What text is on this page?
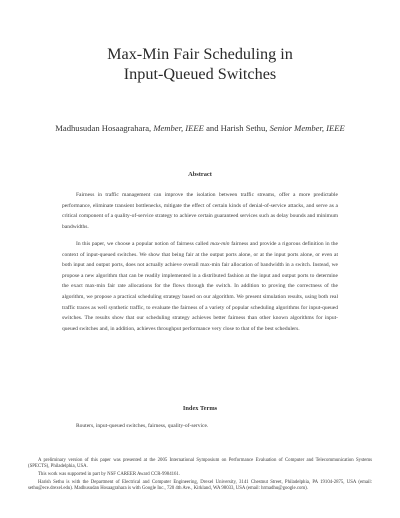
Max-Min Fair Scheduling in
Input-Queued Switches
Madhusudan Hosaagrahara, Member, IEEE and Harish Sethu, Senior Member, IEEE
Abstract

Fairness in traffic management can improve the isolation between traffic streams, offer a more predictable performance, eliminate transient bottlenecks, mitigate the effect of certain kinds of denial-of-service attacks, and serve as a critical component of a quality-of-service strategy to achieve certain guaranteed services such as delay bounds and minimum bandwidths.

In this paper, we choose a popular notion of fairness called max-min fairness and provide a rigorous definition in the context of input-queued switches. We show that being fair at the output ports alone, or at the input ports alone, or even at both input and output ports, does not actually achieve overall max-min fair allocation of bandwidth in a switch. Instead, we propose a new algorithm that can be readily implemented in a distributed fashion at the input and output ports to determine the exact max-min fair rate allocations for the flows through the switch. In addition to proving the correctness of the algorithm, we propose a practical scheduling strategy based on our algorithm. We present simulation results, using both real traffic traces as well synthetic traffic, to evaluate the fairness of a variety of popular scheduling algorithms for input-queued switches. The results show that our scheduling strategy achieves better fairness than other known algorithms for input-queued switches and, in addition, achieves throughput performance very close to that of the best schedulers.

Index Terms

Routers, input-queued switches, fairness, quality-of-service.

A preliminary version of this paper was presented at the 2005 International Symposium on Performance Evaluation of Computer and Telecommunication Systems (SPECTS), Philadelphia, USA.

This work was supported in part by NSF CAREER Award CCR-9984161.

Harish Sethu is with the Department of Electrical and Computer Engineering, Drexel University, 3141 Chestnut Street, Philadelphia, PA 19104-2875, USA (email: sethu@ece.drexel.edu). Madhusudan Hosaagrahara is with Google Inc., 720 4th Ave., Kirkland, WA 98033, USA (email: hrmadhu@google.com).
